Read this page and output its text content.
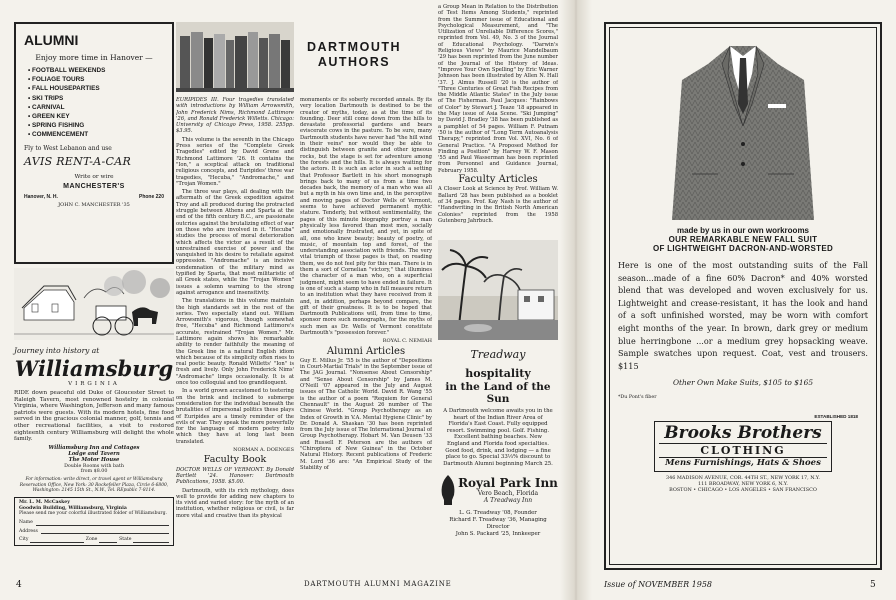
ALUMNI
Enjoy more time in Hanover —
• FOOTBALL WEEKENDS
• FOLIAGE TOURS
• FALL HOUSEPARTIES
• SKI TRIPS
• CARNIVAL
• GREEN KEY
• SPRING FISHING
• COMMENCEMENT
Fly to West Lebanon and use
AVIS RENT-A-CAR
Write or wire
MANCHESTER'S
Hanover, N. H.	Phone 220
JOHN C. MANCHESTER '35
Journey into history at
Williamsburg
VIRGINIA
RIDE down peaceful old Duke of Gloucester Street to Raleigh Tavern, most renowned hostelry in colonial Virginia, where Washington, Jefferson and many famous patriots were guests. With its modern hotels, fine food served in the gracious colonial manner, golf, tennis and other recreational facilities, a visit to restored eighteenth century Williamsburg will delight the whole family.
Williamsburg Inn and Cottages
Lodge and Tavern
The Motor House
Double Rooms with bath
from $8.00
For information: write direct, or travel agent or Williamsburg Reservation Office, New York: 30 Rockefeller Plaza, Circle 6-6800, Washington: 2145 15th St., N.W., Tel. REpublic 7-8114.
Mr. L. M. McCaskey
Goodwin Building, Williamsburg, Virginia
Please send me your colorful illustrated folder of Williamsburg.
Name
Address
City	Zone	State
DARTMOUTH AUTHORS

EURIPIDES III. Four tragedies translated with introductions by William Arrowsmith, John Frederick Nims, Richmond Lattimore '26, and Ronald Frederick Willetts. Chicago: University of Chicago Press, 1958. 255pp. $3.95.

This volume is the seventh in the Chicago Press series of the "Complete Greek Tragedies" edited by David Grene and Richmond Lattimore '26. It contains the "Ion," a sceptical attack on traditional religious concepts, and Euripides' three war tragedies, "Hecuba," "Andromache," and "Trojan Women."

The three war plays, all dealing with the aftermath of the Greek expedition against Troy and all produced during the protracted struggle between Athens and Sparta at the end of the fifth century B.C., are passionate outcries against the brutalizing effect of war on those who are involved in it. "Hecuba" studies the process of moral deterioration which affects the victor as a result of the unrestrained exercise of power and the vanquished in his desire to retaliate against oppression. "Andromache" is an incisive condemnation of the military mind as typified by Sparta, that most militaristic of all Greek states, while the "Trojan Women" issues a solemn warning to the strong against arrogance and insensitivity.

The translations in this volume maintain the high standards set in the rest of the series. Two especially stand out. William Arrowsmith's vigorous, though somewhat free, "Hecuba" and Richmond Lattimore's accurate, restrained "Trojan Women." Mr. Lattimore again shows his remarkable ability to render faithfully the meaning of the Greek line in a natural English idiom which because of its simplicity often rises to real poetic beauty. Ronald Willetts' "Ion" is fresh and lively. Only John Frederick Nims' "Andromache" limps occasionally. It is at once too colloquial and too grandiloquent.

In a world grown accustomed to teetering on the brink and inclined to submerge consideration for the individual beneath the brutalities of impersonal politics these plays of Euripides are a timely reminder of the evils of war. They speak the more powerfully for the language of modern poetry into which they have at long last been translated.

NORMAN A. DOENGES
Faculty Book

DOCTOR WELLS OF VERMONT. By Donald Bartlett '24. Hanover: Dartmouth Publications, 1958. $5.00.

Dartmouth, with its rich mythology, does well to provide for adding new chapters to its vivid and varied story: for the myth of an institution, whether religious or civil, is far more vital and creative than its physical

monuments or its soberly recorded annals. By its very location Dartmouth is destined to be the creator of myths, today, as at the time of its founding. Deer still come down from the hills to devastate professorial gardens and bears eviscerate cows in the pasture. To be sure, many Dartmouth students have never had "the hill wind in their veins" nor would they be able to distinguish between granite and other igneous rocks, but the stage is set for adventure among the forests and the hills. It is always waiting for the actors. It is such an actor in such a setting that Professor Bartlett in his short monograph brings back to many of us from a time two decades back, the memory of a man who was all but a myth in his own time and, in the perceptive and moving pages of Doctor Wells of Vermont, seems to have achieved permanent mythic stature. Tenderly, but without sentimentality, the pages of this minute biography portray a man physically less favored than most men, socially and emotionally frustrated, and yet, in spite of all, one who knew beauty; beauty of poetry, of music, of mountain top and forest, of the understanding association with friends. The very vital triumph of those pages is that, on reading them, we do not feel pity for this man. There is in them a sort of Cornelian "victory," that illumines the character of a man who, on a superficial judgment, might seem to have ended in failure. It is one of such a stamp who in full measure return to an institution what they have received from it and, in addition, perhaps beyond compare, the gift of their greatness. It is to be hoped that Dartmouth Publications will, from time to time, sponsor more such monographs, for the myths of such men as Dr. Wells of Vermont constitute Dartmouth's "possession forever."

ROYAL C. NEMIAH
Alumni Articles

Guy E. Millus Jr. '55 is the author of "Depositions in Court-Martial Trials" in the September issue of The JAG Journal. "Nonsense About Censorship" and "Sense About Censorship" by James M. O'Neill '07 appeared in the July and August issues of The Catholic World. David R. Wang '55 is the author of a poem "Requiem for General Chennault" in the August 26 number of The Chinese World. "Group Psychotherapy as an Index of Growth in V.A. Mental Hygiene Clinic" by Dr. Donald A. Shaskan '30 has been reprinted from the July issue of The International Journal of Group Psychotherapy. Hobart M. Van Deusen '33 and Russell F. Peterson are the authors of "Chiroptera of New Guinea" in the October Natural History. Recent publications of Frederic M. Lord '36 are: "An Empirical Study of the Stability of

a Group Mean in Relation to the Distribution of Test Items Among Students," reprinted from the Summer issue of Educational and Psychological Measurement, and "The Utilization of Unreliable Difference Scores," reprinted from Vol. 49, No. 3 of the Journal of Educational Psychology. "Darwin's Religious Views" by Maurice Mandelbaum '29 has been reprinted from the June number of the Journal of the History of Ideas. "Improve Your Own Spelling" by Eric Warner Johnson has been illustrated by Allen N. Hall '37. J. Almus Russell '20 is the author of "Three Centuries of Great Fish Recipes from the Middle Atlantic States" in the July issue of The Fisherman. Paul Jacques: "Rainbows of Color" by Stewart J. Teaze '18 appeared in the May issue of Asia Scene. "Ski Jumping" by David J. Bradley '38 has been published as a pamphlet of 54 pages. William F. Putnam '50 is the author of "Long Term Autoanalysis Therapy," reprinted from Vol. XVI, No. 6 of General Practice. "A Proposed Method for Finding a Position" by Harvey W. F. Mason '55 and Paul Wasserman has been reprinted from Personnel and Guidance Journal, February 1958.

Faculty Articles

A Closer Look at Science by Prof. William W. Ballard '28 has been published as a booklet of 34 pages. Prof. Kay Nash is the author of "Handwriting in the British North American Colonies" reprinted from the 1958 Gutenberg Jahrbuch.

Treadway hospitality
in the Land of the Sun
A Dartmouth welcome awaits you in the heart of the Indian River Area of Florida's East Coast. Fully equipped resort. Swimming pool. Golf. Fishing. Excellent bathing beaches. New England and Florida food specialties. Good food, drink, and lodging — a fine place to go. Special 33⅓% discount to Dartmouth Alumni beginning March 25.
Royal Park Inn
Vero Beach, Florida
A Treadway Inn
L. G. Treadway '08, Founder
Richard F. Treadway '36, Managing Director
John S. Packard '25, Innkeeper
4	DARTMOUTH ALUMNI MAGAZINE
made by us in our own workrooms
OUR REMARKABLE NEW FALL SUIT
OF LIGHTWEIGHT DACRON-AND-WORSTED
Here is one of the most outstanding suits of the Fall season...made of a fine 60% Dacron* and 40% worsted blend that was developed and woven exclusively for us. Lightweight and crease-resistant, it has the look and hand of a soft unfinished worsted, may be worn with comfort eight months of the year. In brown, dark grey or medium blue herringbone ...or a medium grey hopsacking weave. Sample swatches upon request. Coat, vest and trousers. $115
Other Own Make Suits, $105 to $165
*Du Pont's fiber
ESTABLISHED 1818
Brooks Brothers
CLOTHING
Mens Furnishings, Hats & Shoes
346 MADISON AVENUE, COR. 44TH ST., NEW YORK 17, N.Y.
111 BROADWAY, NEW YORK 6, N.Y.
BOSTON • CHICAGO • LOS ANGELES • SAN FRANCISCO
Issue of NOVEMBER 1958	5
